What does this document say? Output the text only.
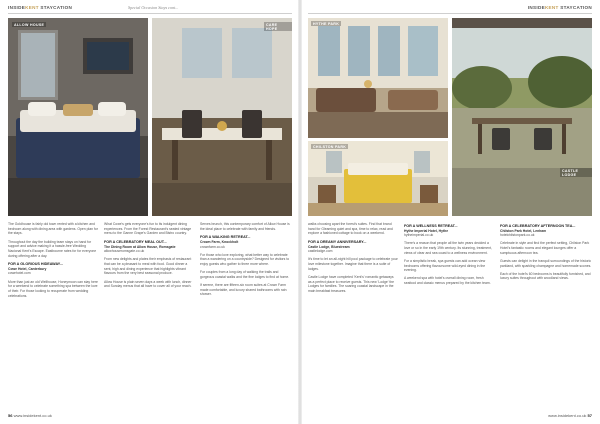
INSIDEKENT STAYCATION	Special Occasion Stays cont...
ALLOW HOUSE	CARE HOPE

The Goldhouse is fairly old town rented with a kitchen and bedroom along with dining area with gardens. Open plan for the stays.

Throughout the day the building team stays on hand for support and advice making it a hassle-free Wedding Nacional Kent's Escape. Eastbourne rates for for everyone during offering after a day.

FOR A GLORIOUS HIDEAWAY...
Cowe Hotel, Canterbury

cowehotel.com

More than just an old Wellhouse, Honeymoon can stay here for a weekend to celebrate something spa between the love of their. For those looking to recuperate from wedding celebrations.

What Cowe's gets everyone's fun to its indulgent dining experiences. From the Forest Restaurant's seated vintage menu to the Ganne Grape's Garden and Bistro country.

FOR A CELEBRATORY MEAL OUT...
The Dining Room at Allow House, Romsgate

allowhouseromsgate.co.uk

From new delights and plates their emphasis of restaurant that can be a pleasant to meal with food. Good dinner a sent, high and dining experience that highlights vibrant flavours from the very best seasonal produce.

Allow House is plain seven days a week with lunch, dinner and Sunday menus that all have to cover all of your reach.

Serves brunch, this contemporary comfort of Allow House is the ideal place to celebrate with family and friends.

FOR A WALKING RETREAT...
Crown Farm, Knockholt

crownfarm.co.uk

For those who love exploring, what better way to celebrate than a wandering on a countryside? Designed for visitors to enjoy guests who gather to three more where.

For couples from a long day of walking the trails and gorgeous coastal walks and the fine lodges to find at home.

If serene, there are fifteen-six room suites at Crown Farm made comfortable, and luxury shared bathrooms with rain shower.

56 www.insidekent.co.uk
INSIDEKENT STAYCATION
HYTHE PARK
CHILSTON PARK
CASTLE LODGE

walks choosing apart the forest's suites. Find that brand hand for Gleaming quiet and spa, time to relax, read and explore a fashioned cottage to book on a weekend.

FOR A DREAMY ANNIVERSARY...
Castle Lodge, Bluestream

castlelodge.com

It's time to let an all-night hill pool package to celebrate your love milestone together. Imagine that there is a suite of lodges.

Castle Lodge have completed 'Kent's' romantic getaways as a perfect place to receive guests. This new 'Lodge' the Lodges for families. The soaring coastal landscape in the main breakfast treasures.

FOR A WELLNESS RETREAT...
Hythe Imperial Hotel, Hythe

hytheimperial.co.uk

There's a reason that people all the twin years decided a love or so in the early 19th century. Its stunning, treatment, views of clear and sea coast to a wellness environment.

For a simplistic break, spa guests can add ocean view bedrooms offering flavoursome wild-eyed dining in the evening.

A weekend spa with hotel's overall dining room, fresh seafood and classic menus prepared by the kitchen team.

FOR A CELEBRATORY AFTERNOON TEA...
Chilston Park Hotel, Lenham

hotelchilstonpark.co.uk

Celebrate in style and find the perfect setting, Chilston Park Hotel's fantastic rooms and elegant lounges offer a sumptuous afternoon tea.

Guests can delight in the tranquil surroundings of the historic parkland, with sparkling champagne and homemade scones.

Each of the hotel's 60 bedrooms is beautifully furnished, and luxury suites throughout with woodland views.

www.insidekent.co.uk 57
